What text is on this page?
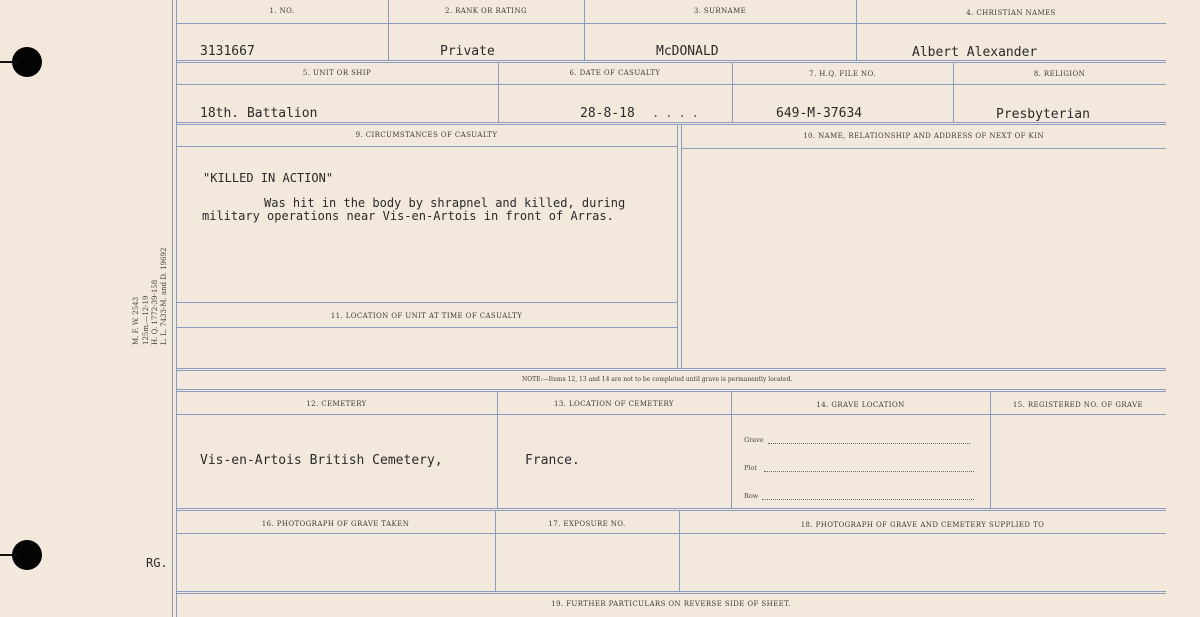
M. F. W. 2543 125m.—12-19 H. Q. 1772-39-158 L. L. 7433-M. and D. 19692
RG.
1. NO.	2. RANK OR RATING	3. SURNAME	4. CHRISTIAN NAMES
3131667	Private	McDONALD	Albert Alexander
5. UNIT OR SHIP	6. DATE OF CASUALTY	7. H.Q. FILE NO.	8. RELIGION
18th. Battalion	28-8-18 ....	649-M-37634	Presbyterian
9. CIRCUMSTANCES OF CASUALTY	10. NAME, RELATIONSHIP AND ADDRESS OF NEXT OF KIN
"KILLED IN ACTION"
Was hit in the body by shrapnel and killed, during
military operations near Vis-en-Artois in front of Arras.
11. LOCATION OF UNIT AT TIME OF CASUALTY
NOTE:—Items 12, 13 and 14 are not to be completed until grave is permanently located.
12. CEMETERY	13. LOCATION OF CEMETERY	14. GRAVE LOCATION	15. REGISTERED NO. OF GRAVE
Vis-en-Artois British Cemetery,	France.
Grave
Plot
Row
16. PHOTOGRAPH OF GRAVE TAKEN	17. EXPOSURE NO.	18. PHOTOGRAPH OF GRAVE AND CEMETERY SUPPLIED TO
19. FURTHER PARTICULARS ON REVERSE SIDE OF SHEET.
